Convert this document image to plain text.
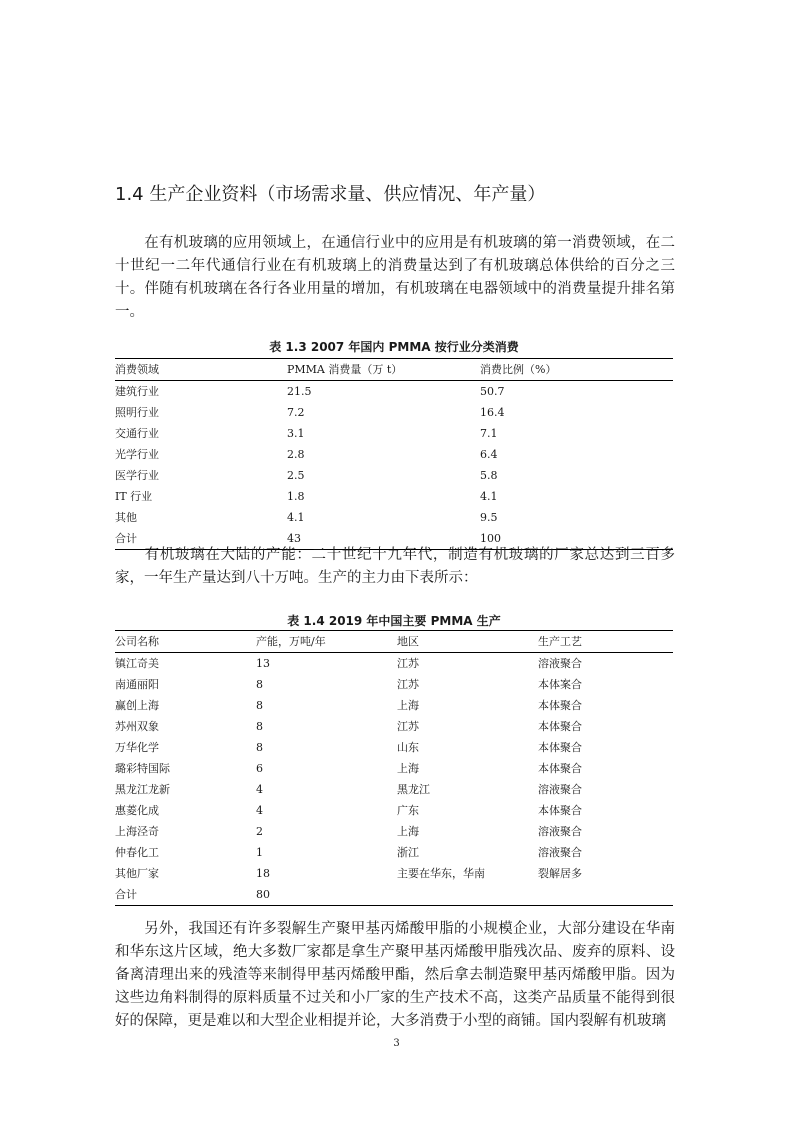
1.4 生产企业资料（市场需求量、供应情况、年产量）

在有机玻璃的应用领域上，在通信行业中的应用是有机玻璃的第一消费领域，在二十世纪一二年代通信行业在有机玻璃上的消费量达到了有机玻璃总体供给的百分之三十。伴随有机玻璃在各行各业用量的增加，有机玻璃在电器领域中的消费量提升排名第一。

表 1.3 2007 年国内 PMMA 按行业分类消费
消费领域	PMMA 消费量（万 t）	消费比例（%）
建筑行业	21.5	50.7
照明行业	7.2	16.4
交通行业	3.1	7.1
光学行业	2.8	6.4
医学行业	2.5	5.8
IT 行业	1.8	4.1
其他	4.1	9.5
合计	43	100

有机玻璃在大陆的产能：二十世纪十九年代，制造有机玻璃的厂家总达到三百多家，一年生产量达到八十万吨。生产的主力由下表所示：

表 1.4 2019 年中国主要 PMMA 生产
公司名称	产能，万吨/年	地区	生产工艺
镇江奇美	13	江苏	溶液聚合
南通丽阳	8	江苏	本体案合
赢创上海	8	上海	本体聚合
苏州双象	8	江苏	本体聚合
万华化学	8	山东	本体聚合
璐彩特国际	6	上海	本体聚合
黑龙江龙新	4	黑龙江	溶液聚合
惠菱化成	4	广东	本体聚合
上海泾奇	2	上海	溶液聚合
仲春化工	1	浙江	溶液聚合
其他厂家	18	主要在华东，华南	裂解居多
合计	80		

另外，我国还有许多裂解生产聚甲基丙烯酸甲脂的小规模企业，大部分建设在华南和华东这片区域，绝大多数厂家都是拿生产聚甲基丙烯酸甲脂残次品、废弃的原料、设备离清理出来的残渣等来制得甲基丙烯酸甲酯，然后拿去制造聚甲基丙烯酸甲脂。因为这些边角料制得的原料质量不过关和小厂家的生产技术不高，这类产品质量不能得到很好的保障，更是难以和大型企业相提并论，大多消费于小型的商铺。国内裂解有机玻璃

3
